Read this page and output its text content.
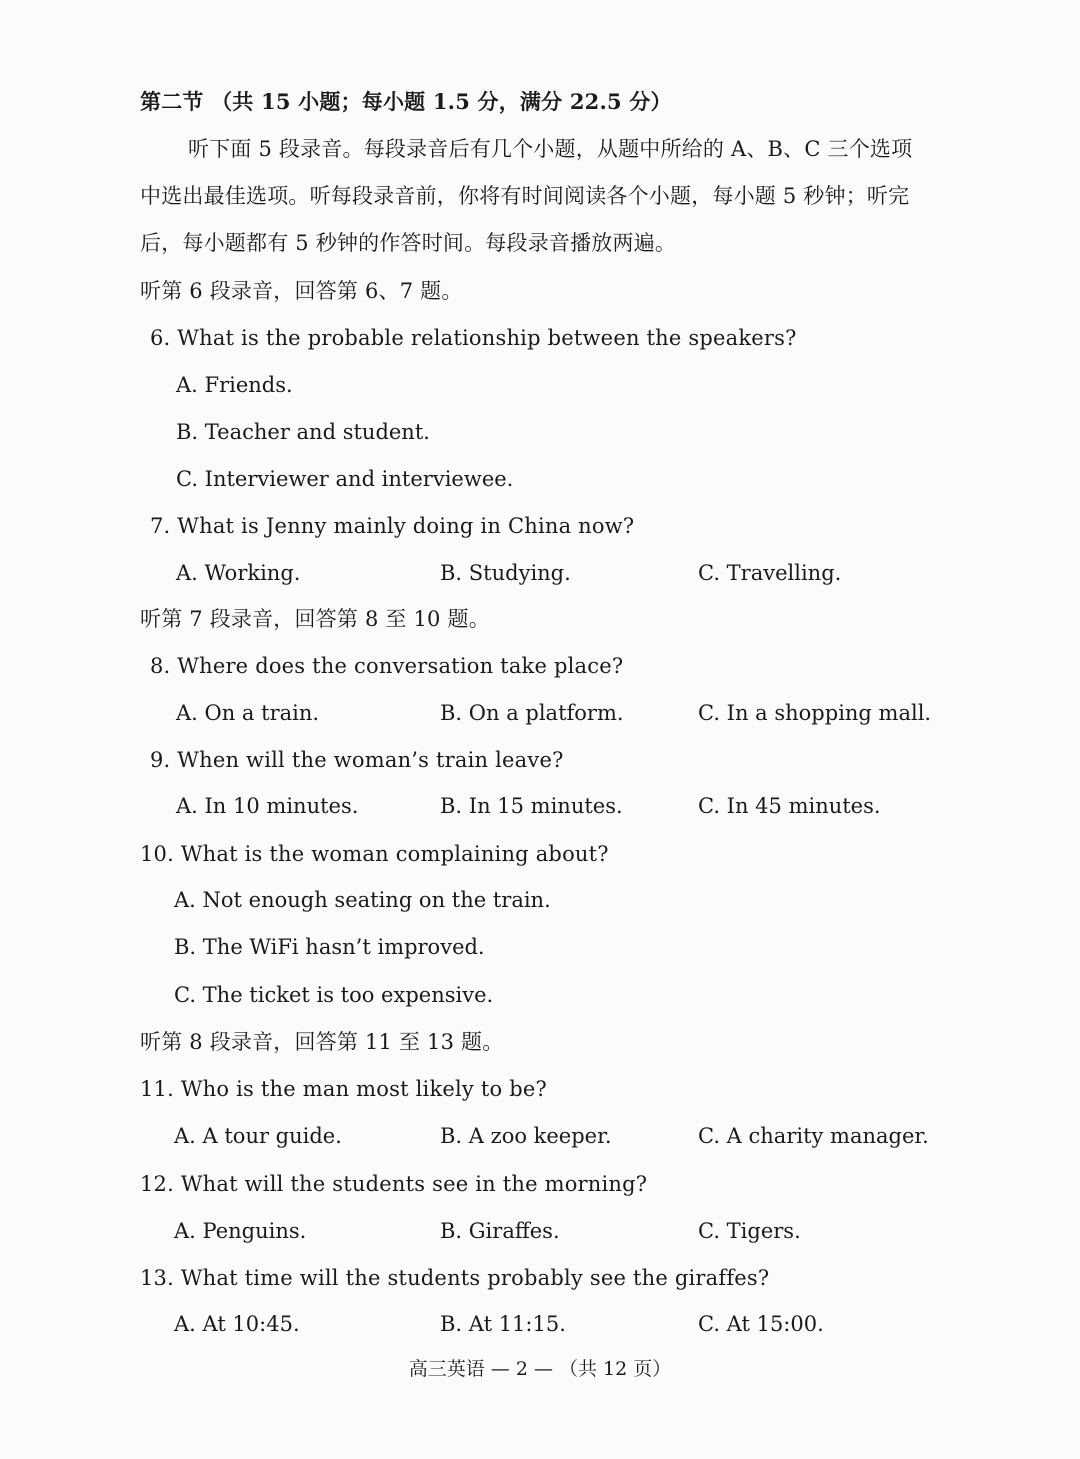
第二节 （共 15 小题；每小题 1.5 分，满分 22.5 分）
听下面 5 段录音。每段录音后有几个小题，从题中所给的 A、B、C 三个选项
中选出最佳选项。听每段录音前，你将有时间阅读各个小题，每小题 5 秒钟；听完
后，每小题都有 5 秒钟的作答时间。每段录音播放两遍。
听第 6 段录音，回答第 6、7 题。
6. What is the probable relationship between the speakers?
A. Friends.
B. Teacher and student.
C. Interviewer and interviewee.
7. What is Jenny mainly doing in China now?
A. Working.	B. Studying.	C. Travelling.
听第 7 段录音，回答第 8 至 10 题。
8. Where does the conversation take place?
A. On a train.	B. On a platform.	C. In a shopping mall.
9. When will the woman’s train leave?
A. In 10 minutes.	B. In 15 minutes.	C. In 45 minutes.
10. What is the woman complaining about?
A. Not enough seating on the train.
B. The WiFi hasn’t improved.
C. The ticket is too expensive.
听第 8 段录音，回答第 11 至 13 题。
11. Who is the man most likely to be?
A. A tour guide.	B. A zoo keeper.	C. A charity manager.
12. What will the students see in the morning?
A. Penguins.	B. Giraffes.	C. Tigers.
13. What time will the students probably see the giraffes?
A. At 10:45.	B. At 11:15.	C. At 15:00.
高三英语 — 2 — （共 12 页）
